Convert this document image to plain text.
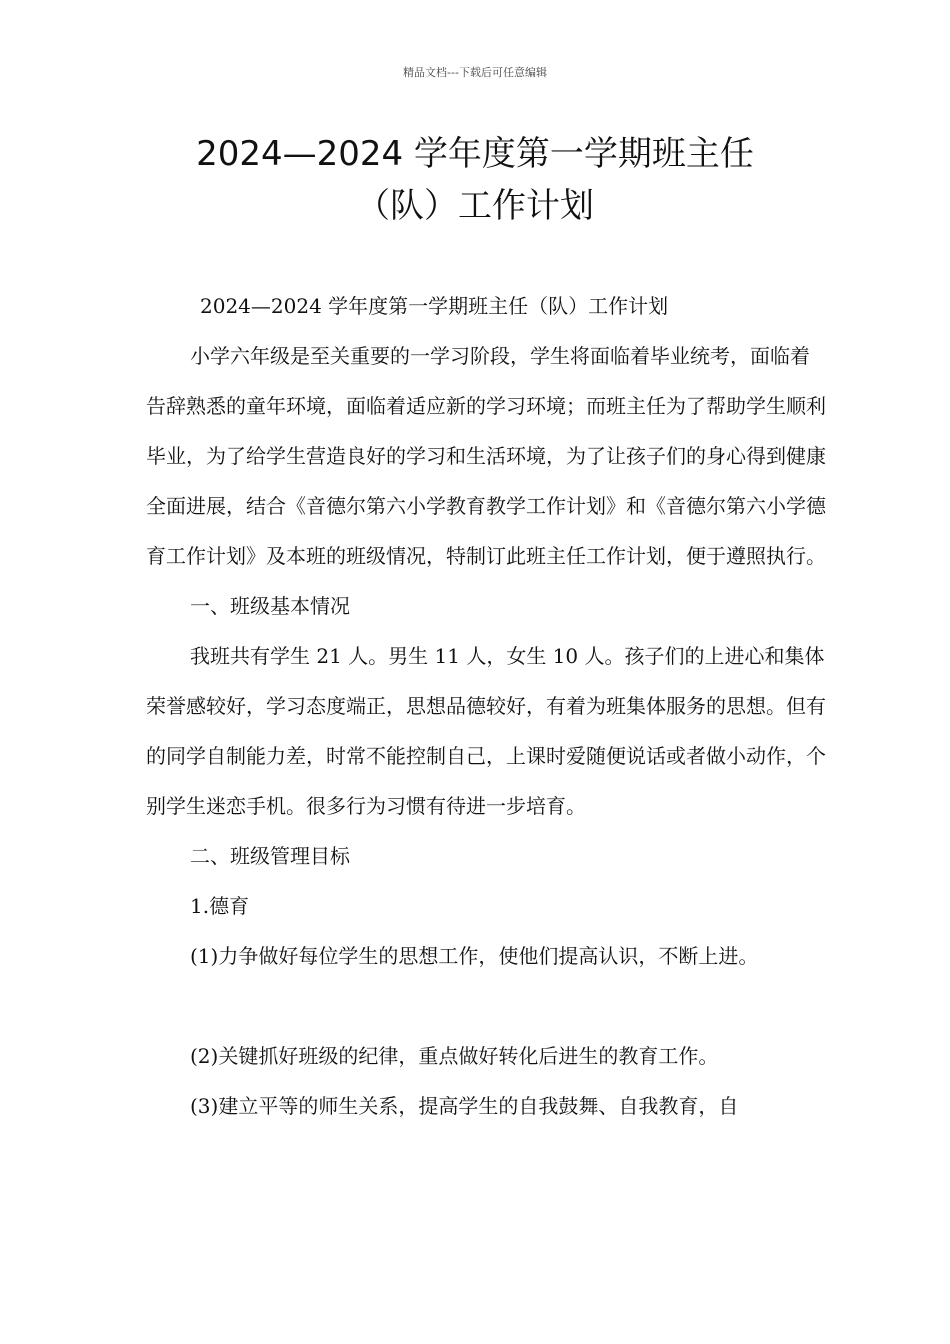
精品文档---下载后可任意编辑
2024—2024 学年度第一学期班主任
（队）工作计划

2024—2024 学年度第一学期班主任（队）工作计划

小学六年级是至关重要的一学习阶段，学生将面临着毕业统考，面临着告辞熟悉的童年环境，面临着适应新的学习环境；而班主任为了帮助学生顺利毕业，为了给学生营造良好的学习和生活环境，为了让孩子们的身心得到健康全面进展，结合《音德尔第六小学教育教学工作计划》和《音德尔第六小学德育工作计划》及本班的班级情况，特制订此班主任工作计划，便于遵照执行。

一、班级基本情况

我班共有学生 21 人。男生 11 人，女生 10 人。孩子们的上进心和集体荣誉感较好，学习态度端正，思想品德较好，有着为班集体服务的思想。但有的同学自制能力差，时常不能控制自己，上课时爱随便说话或者做小动作，个别学生迷恋手机。很多行为习惯有待进一步培育。

二、班级管理目标

1.德育

(1)力争做好每位学生的思想工作，使他们提高认识，不断上进。

(2)关键抓好班级的纪律，重点做好转化后进生的教育工作。

(3)建立平等的师生关系，提高学生的自我鼓舞、自我教育，自
